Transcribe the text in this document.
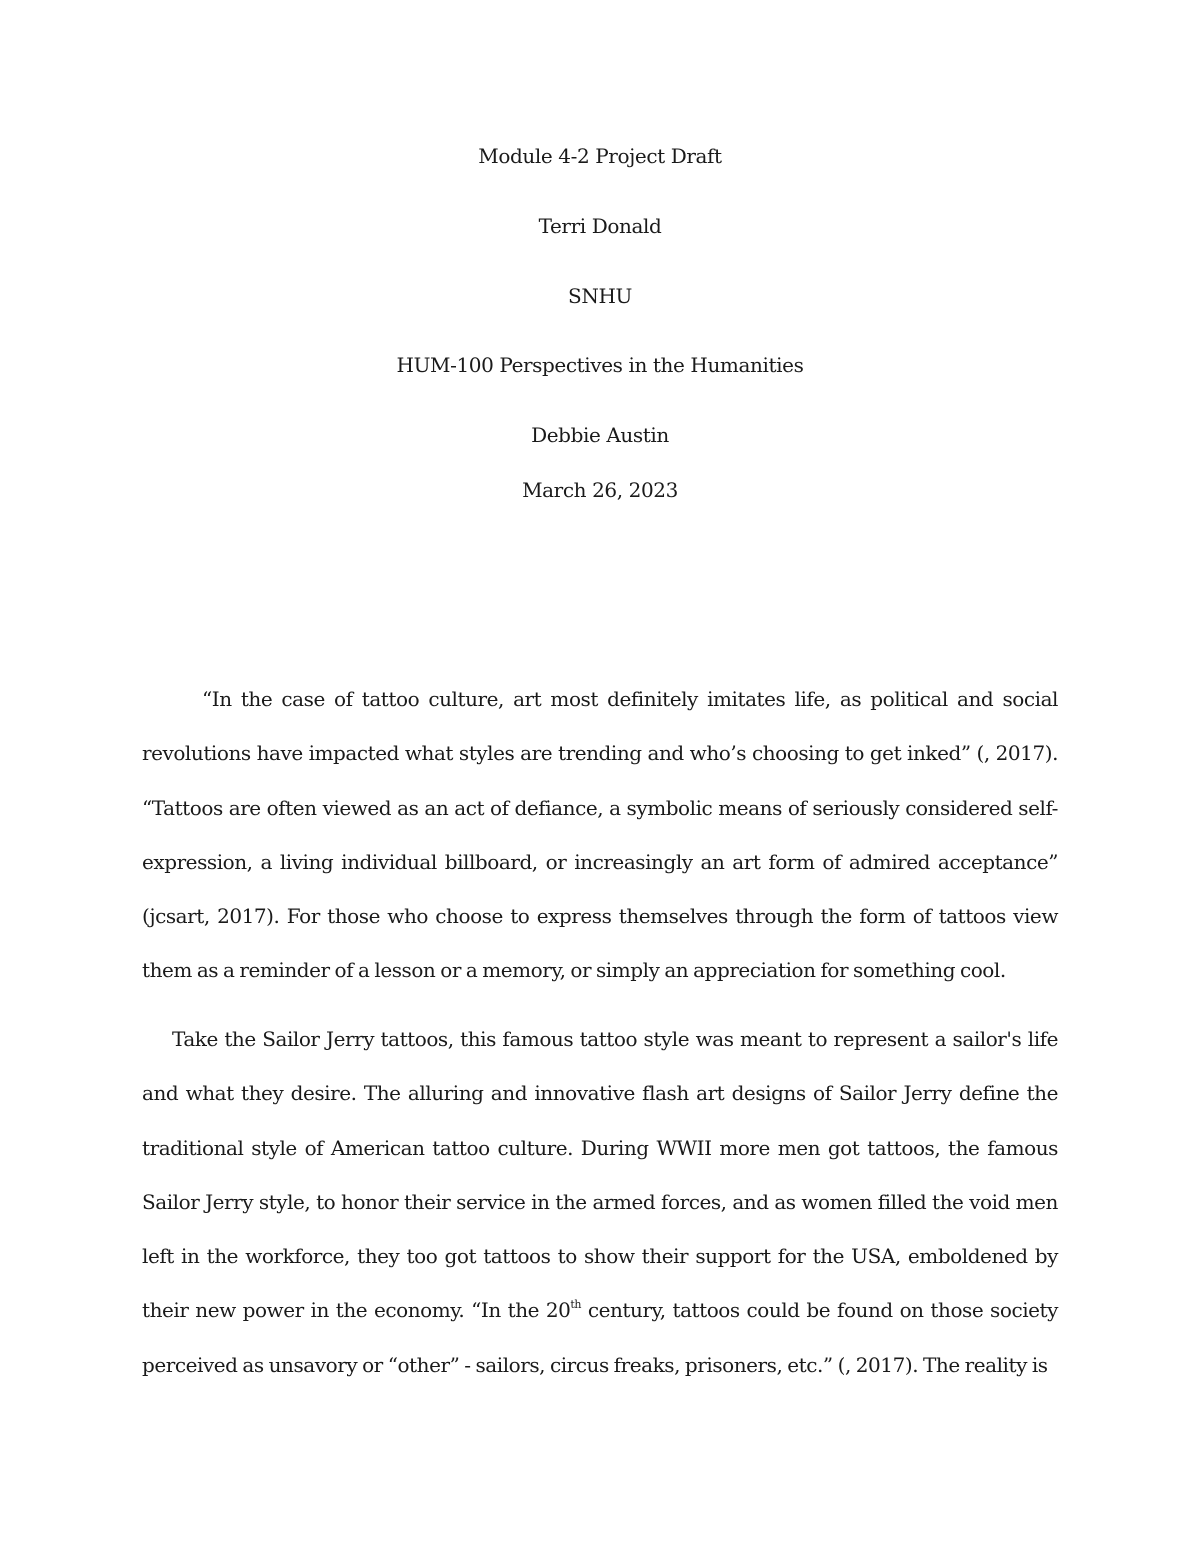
Module 4-2 Project Draft
Terri Donald
SNHU
HUM-100 Perspectives in the Humanities
Debbie Austin
March 26, 2023

“In the case of tattoo culture, art most definitely imitates life, as political and social revolutions have impacted what styles are trending and who’s choosing to get inked” (, 2017). “Tattoos are often viewed as an act of defiance, a symbolic means of seriously considered self-expression, a living individual billboard, or increasingly an art form of admired acceptance” (jcsart, 2017). For those who choose to express themselves through the form of tattoos view them as a reminder of a lesson or a memory, or simply an appreciation for something cool.

Take the Sailor Jerry tattoos, this famous tattoo style was meant to represent a sailor's life and what they desire. The alluring and innovative flash art designs of Sailor Jerry define the traditional style of American tattoo culture. During WWII more men got tattoos, the famous Sailor Jerry style, to honor their service in the armed forces, and as women filled the void men left in the workforce, they too got tattoos to show their support for the USA, emboldened by their new power in the economy. “In the 20th century, tattoos could be found on those society perceived as unsavory or “other” - sailors, circus freaks, prisoners, etc.” (, 2017). The reality is
